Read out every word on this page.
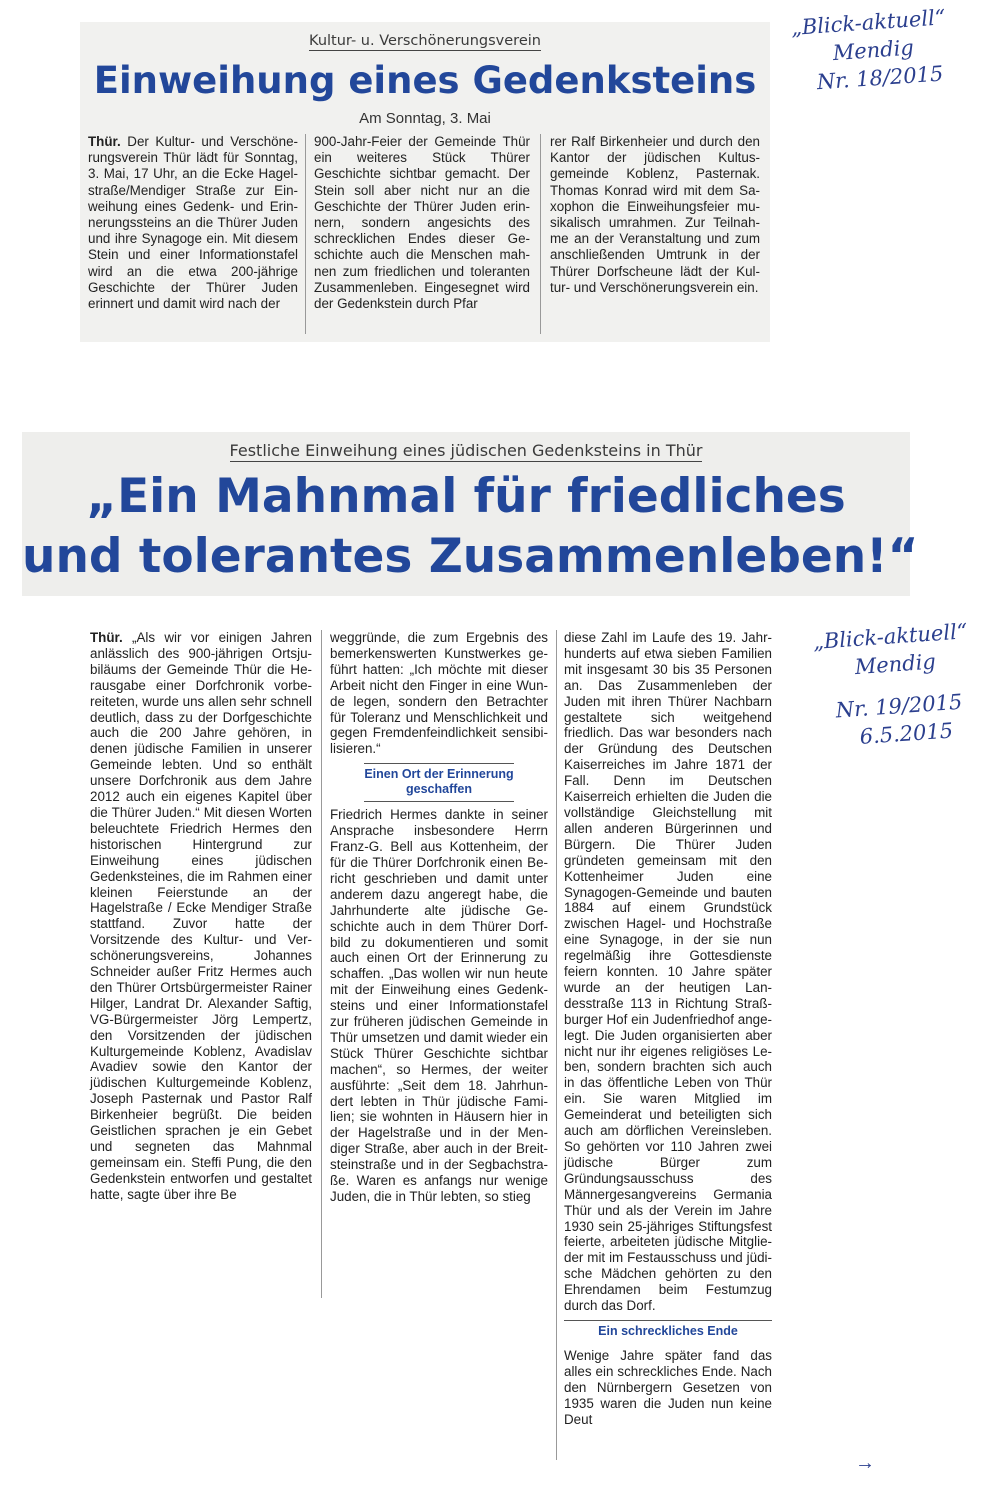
Kultur- u. Verschönerungsverein
Einweihung eines Gedenksteins
Am Sonntag, 3. Mai
Thür. Der Kultur- und Verschönerungsverein Thür lädt für Sonntag, 3. Mai, 17 Uhr, an die Ecke Hagelstraße/Mendiger Straße zur Einweihung eines Gedenk- und Erinnerungssteins an die Thürer Juden und ihre Synagoge ein. Mit diesem Stein und einer Informationstafel wird an die etwa 200-jährige Geschichte der Thürer Juden erinnert und damit wird nach der
900-Jahr-Feier der Gemeinde Thür ein weiteres Stück Thürer Geschichte sichtbar gemacht. Der Stein soll aber nicht nur an die Geschichte der Thürer Juden erinnern, sondern angesichts des schrecklichen Endes dieser Geschichte auch die Menschen mahnen zum friedlichen und toleranten Zusammenleben. Eingesegnet wird der Gedenkstein durch Pfar
rer Ralf Birkenheier und durch den Kantor der jüdischen Kultusgemeinde Koblenz, Pasternak. Thomas Konrad wird mit dem Saxophon die Einweihungsfeier musikalisch umrahmen. Zur Teilnahme an der Veranstaltung und zum anschließenden Umtrunk in der Thürer Dorfscheune lädt der Kultur- und Verschönerungsverein ein.
„Blick-aktuell“
Mendig
Nr. 18/2015
Festliche Einweihung eines jüdischen Gedenksteins in Thür
„Ein Mahnmal für friedliches
und tolerantes Zusammenleben!“
„Blick-aktuell“
Mendig
Nr. 19/2015
6.5.2015
Thür. „Als wir vor einigen Jahren anlässlich des 900-jährigen Ortsjubiläums der Gemeinde Thür die Herausgabe einer Dorfchronik vorbereiteten, wurde uns allen sehr schnell deutlich, dass zu der Dorfgeschichte auch die 200 Jahre gehören, in denen jüdische Familien in unserer Gemeinde lebten. Und so enthält unsere Dorfchronik aus dem Jahre 2012 auch ein eigenes Kapitel über die Thürer Juden.“ Mit diesen Worten beleuchtete Friedrich Hermes den historischen Hintergrund zur Einweihung eines jüdischen Gedenksteines, die im Rahmen einer kleinen Feierstunde an der Hagelstraße / Ecke Mendiger Straße stattfand. Zuvor hatte der Vorsitzende des Kultur- und Verschönerungsvereins, Johannes Schneider außer Fritz Hermes auch den Thürer Ortsbürgermeister Rainer Hilger, Landrat Dr. Alexander Saftig, VG-Bürgermeister Jörg Lempertz, den Vorsitzenden der jüdischen Kulturgemeinde Koblenz, Avadislav Avadiev sowie den Kantor der jüdischen Kulturgemeinde Koblenz, Joseph Pasternak und Pastor Ralf Birkenheier begrüßt. Die beiden Geistlichen sprachen je ein Gebet und segneten das Mahnmal gemeinsam ein. Steffi Pung, die den Gedenkstein entworfen und gestaltet hatte, sagte über ihre Be

weggründe, die zum Ergebnis des bemerkenswerten Kunstwerkes geführt hatten: „Ich möchte mit dieser Arbeit nicht den Finger in eine Wunde legen, sondern den Betrachter für Toleranz und Menschlichkeit und gegen Fremdenfeindlichkeit sensibilisieren.“

Einen Ort der Erinnerung geschaffen

Friedrich Hermes dankte in seiner Ansprache insbesondere Herrn Franz-G. Bell aus Kottenheim, der für die Thürer Dorfchronik einen Bericht geschrieben und damit unter anderem dazu angeregt habe, die Jahrhunderte alte jüdische Geschichte auch in dem Thürer Dorfbild zu dokumentieren und somit auch einen Ort der Erinnerung zu schaffen. „Das wollen wir nun heute mit der Einweihung eines Gedenksteins und einer Informationstafel zur früheren jüdischen Gemeinde in Thür umsetzen und damit wieder ein Stück Thürer Geschichte sichtbar machen“, so Hermes, der weiter ausführte: „Seit dem 18. Jahrhundert lebten in Thür jüdische Familien; sie wohnten in Häusern hier in der Hagelstraße und in der Mendiger Straße, aber auch in der Breitsteinstraße und in der Segbachstraße. Waren es anfangs nur wenige Juden, die in Thür lebten, so stieg

diese Zahl im Laufe des 19. Jahrhunderts auf etwa sieben Familien mit insgesamt 30 bis 35 Personen an. Das Zusammenleben der Juden mit ihren Thürer Nachbarn gestaltete sich weitgehend friedlich. Das war besonders nach der Gründung des Deutschen Kaiserreiches im Jahre 1871 der Fall. Denn im Deutschen Kaiserreich erhielten die Juden die vollständige Gleichstellung mit allen anderen Bürgerinnen und Bürgern. Die Thürer Juden gründeten gemeinsam mit den Kottenheimer Juden eine Synagogen-Gemeinde und bauten 1884 auf einem Grundstück zwischen Hagel- und Hochstraße eine Synagoge, in der sie nun regelmäßig ihre Gottesdienste feiern konnten. 10 Jahre später wurde an der heutigen Landesstraße 113 in Richtung Straßburger Hof ein Judenfriedhof angelegt. Die Juden organisierten aber nicht nur ihr eigenes religiöses Leben, sondern brachten sich auch in das öffentliche Leben von Thür ein. Sie waren Mitglied im Gemeinderat und beteiligten sich auch am dörflichen Vereinsleben. So gehörten vor 110 Jahren zwei jüdische Bürger zum Gründungsausschuss des Männergesangvereins Germania Thür und als der Verein im Jahre 1930 sein 25-jähriges Stiftungsfest feierte, arbeiteten jüdische Mitglieder mit im Festausschuss und jüdische Mädchen gehörten zu den Ehrendamen beim Festumzug durch das Dorf.

Ein schreckliches Ende

Wenige Jahre später fand das alles ein schreckliches Ende. Nach den Nürnbergern Gesetzen von 1935 waren die Juden nun keine Deut

→
